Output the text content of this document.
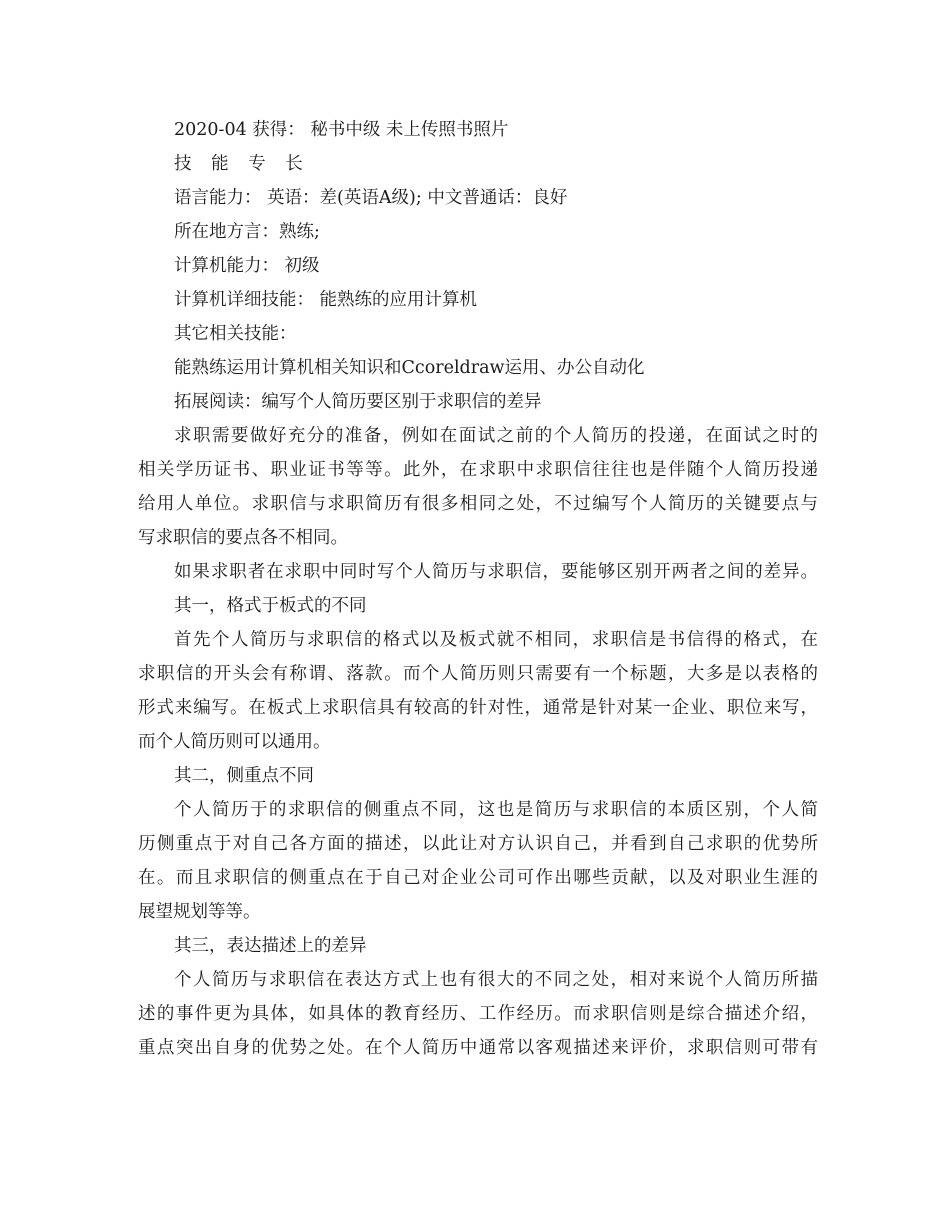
2020-04 获得： 秘书中级 未上传照书照片

技 能 专 长

语言能力： 英语：差(英语A级); 中文普通话：良好

所在地方言：熟练;

计算机能力： 初级

计算机详细技能： 能熟练的应用计算机

其它相关技能：

能熟练运用计算机相关知识和Ccoreldraw运用、办公自动化

拓展阅读：编写个人简历要区别于求职信的差异

求职需要做好充分的准备，例如在面试之前的个人简历的投递，在面试之时的

相关学历证书、职业证书等等。此外，在求职中求职信往往也是伴随个人简历投递

给用人单位。求职信与求职简历有很多相同之处，不过编写个人简历的关键要点与

写求职信的要点各不相同。

如果求职者在求职中同时写个人简历与求职信，要能够区别开两者之间的差异。

其一，格式于板式的不同

首先个人简历与求职信的格式以及板式就不相同，求职信是书信得的格式，在

求职信的开头会有称谓、落款。而个人简历则只需要有一个标题，大多是以表格的

形式来编写。在板式上求职信具有较高的针对性，通常是针对某一企业、职位来写，

而个人简历则可以通用。

其二，侧重点不同

个人简历于的求职信的侧重点不同，这也是简历与求职信的本质区别，个人简

历侧重点于对自己各方面的描述，以此让对方认识自己，并看到自己求职的优势所

在。而且求职信的侧重点在于自己对企业公司可作出哪些贡献，以及对职业生涯的

展望规划等等。

其三，表达描述上的差异

个人简历与求职信在表达方式上也有很大的不同之处，相对来说个人简历所描

述的事件更为具体，如具体的教育经历、工作经历。而求职信则是综合描述介绍，

重点突出自身的优势之处。在个人简历中通常以客观描述来评价，求职信则可带有
